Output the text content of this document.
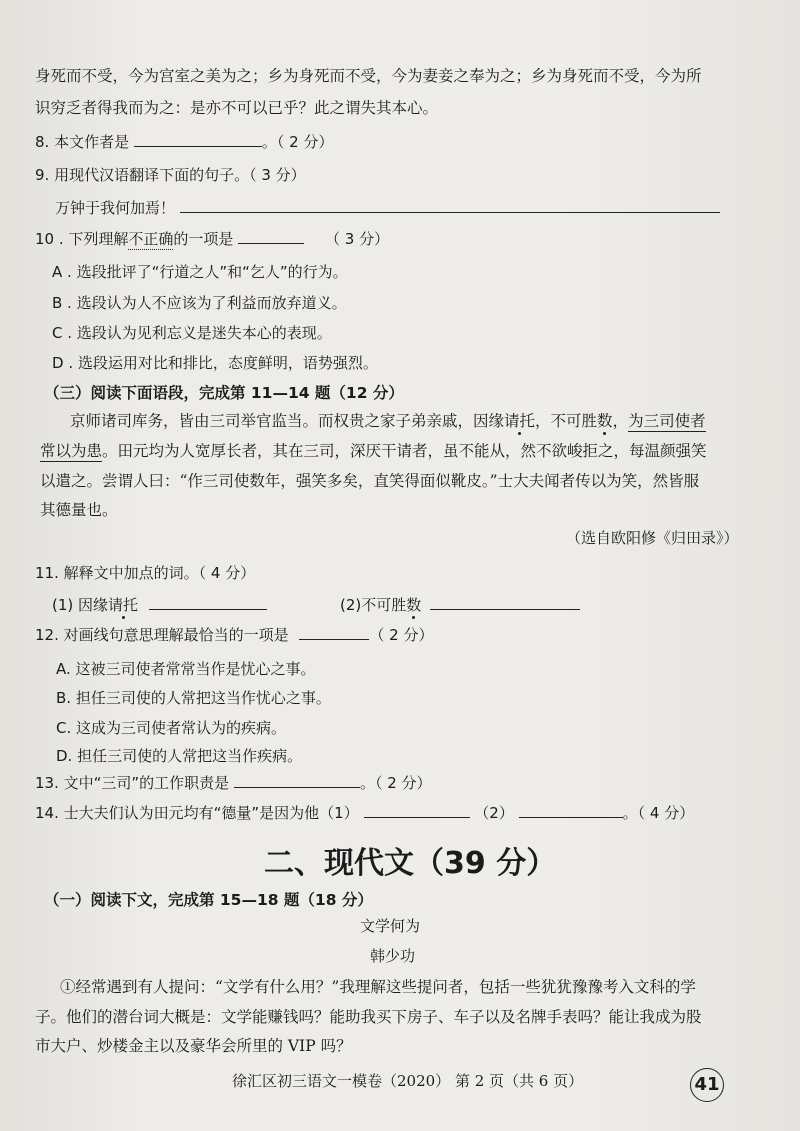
身死而不受，今为宫室之美为之；乡为身死而不受，今为妻妾之奉为之；乡为身死而不受，今为所
识穷乏者得我而为之：是亦不可以已乎？此之谓失其本心。
8. 本文作者是	。（ 2 分）
9. 用现代汉语翻译下面的句子。（ 3 分）
万钟于我何加焉！
10 . 下列理解不正确的一项是	（ 3 分）
A . 选段批评了“行道之人”和“乞人”的行为。
B . 选段认为人不应该为了利益而放弃道义。
C . 选段认为见利忘义是迷失本心的表现。
D . 选段运用对比和排比，态度鲜明，语势强烈。
（三）阅读下面语段，完成第 11—14 题（12 分）
京师诸司库务，皆由三司举官监当。而权贵之家子弟亲戚，因缘请托，不可胜数，为三司使者
常以为患。田元均为人宽厚长者，其在三司，深厌干请者，虽不能从，然不欲峻拒之，每温颜强笑
以遣之。尝谓人曰：“作三司使数年，强笑多矣，直笑得面似靴皮。”士大夫闻者传以为笑，然皆服
其德量也。
（选自欧阳修《归田录》）
11. 解释文中加点的词。（ 4 分）
(1) 因缘请托	(2)不可胜数
12. 对画线句意思理解最恰当的一项是	（ 2 分）
A. 这被三司使者常常当作是忧心之事。
B. 担任三司使的人常把这当作忧心之事。
C. 这成为三司使者常认为的疾病。
D. 担任三司使的人常把这当作疾病。
13. 文中“三司”的工作职责是	。（ 2 分）
14. 士大夫们认为田元均有“德量”是因为他（1）	（2）	。（ 4 分）
二、现代文（39 分）
（一）阅读下文，完成第 15—18 题（18 分）
文学何为
韩少功
①经常遇到有人提问：“文学有什么用？”我理解这些提问者，包括一些犹犹豫豫考入文科的学
子。他们的潜台词大概是：文学能赚钱吗？能助我买下房子、车子以及名牌手表吗？能让我成为股
市大户、炒楼金主以及豪华会所里的 VIP 吗？
徐汇区初三语文一模卷（2020） 第 2 页（共 6 页）	41
